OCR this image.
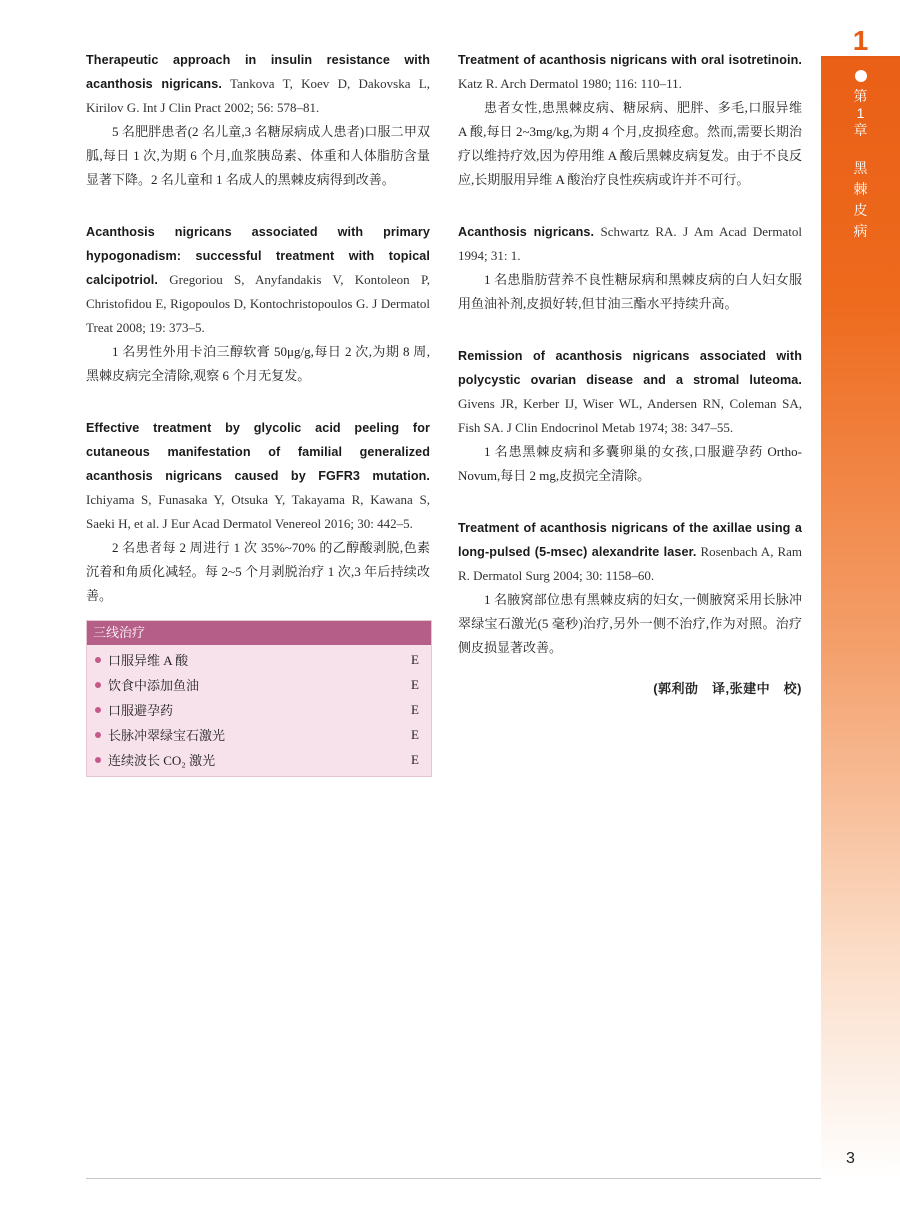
Therapeutic approach in insulin resistance with acanthosis nigricans. Tankova T, Koev D, Dakovska L, Kirilov G. Int J Clin Pract 2002; 56: 578–81.

5 名肥胖患者(2 名儿童,3 名糖尿病成人患者)口服二甲双胍,每日 1 次,为期 6 个月,血浆胰岛素、体重和人体脂肪含量显著下降。2 名儿童和 1 名成人的黑棘皮病得到改善。

Acanthosis nigricans associated with primary hypogonadism: successful treatment with topical calcipotriol. Gregoriou S, Anyfandakis V, Kontoleon P, Christofidou E, Rigopoulos D, Kontochristopoulos G. J Dermatol Treat 2008; 19: 373–5.

1 名男性外用卡泊三醇软膏 50μg/g,每日 2 次,为期 8 周,黑棘皮病完全清除,观察 6 个月无复发。

Effective treatment by glycolic acid peeling for cutaneous manifestation of familial generalized acanthosis nigricans caused by FGFR3 mutation. Ichiyama S, Funasaka Y, Otsuka Y, Takayama R, Kawana S, Saeki H, et al. J Eur Acad Dermatol Venereol 2016; 30: 442–5.

2 名患者每 2 周进行 1 次 35%~70% 的乙醇酸剥脱,色素沉着和角质化减轻。每 2~5 个月剥脱治疗 1 次,3 年后持续改善。

三线治疗
口服异维 A 酸	E
饮食中添加鱼油	E
口服避孕药	E
长脉冲翠绿宝石激光	E
连续波长 CO₂ 激光	E

Treatment of acanthosis nigricans with oral isotretinoin. Katz R. Arch Dermatol 1980; 116: 110–11.

患者女性,患黑棘皮病、糖尿病、肥胖、多毛,口服异维 A 酸,每日 2~3mg/kg,为期 4 个月,皮损痊愈。然而,需要长期治疗以维持疗效,因为停用维 A 酸后黑棘皮病复发。由于不良反应,长期服用异维 A 酸治疗良性疾病或许并不可行。

Acanthosis nigricans. Schwartz RA. J Am Acad Dermatol 1994; 31: 1.

1 名患脂肪营养不良性糖尿病和黑棘皮病的白人妇女服用鱼油补剂,皮损好转,但甘油三酯水平持续升高。

Remission of acanthosis nigricans associated with polycystic ovarian disease and a stromal luteoma. Givens JR, Kerber IJ, Wiser WL, Andersen RN, Coleman SA, Fish SA. J Clin Endocrinol Metab 1974; 38: 347–55.

1 名患黑棘皮病和多囊卵巢的女孩,口服避孕药 Ortho-Novum,每日 2 mg,皮损完全清除。

Treatment of acanthosis nigricans of the axillae using a long-pulsed (5-msec) alexandrite laser. Rosenbach A, Ram R. Dermatol Surg 2004; 30: 1158–60.

1 名腋窝部位患有黑棘皮病的妇女,一侧腋窝采用长脉冲翠绿宝石激光(5 毫秒)治疗,另外一侧不治疗,作为对照。治疗侧皮损显著改善。

(郭利劭　译,张建中　校)
1
第
1
章
黑
棘
皮
病
3
